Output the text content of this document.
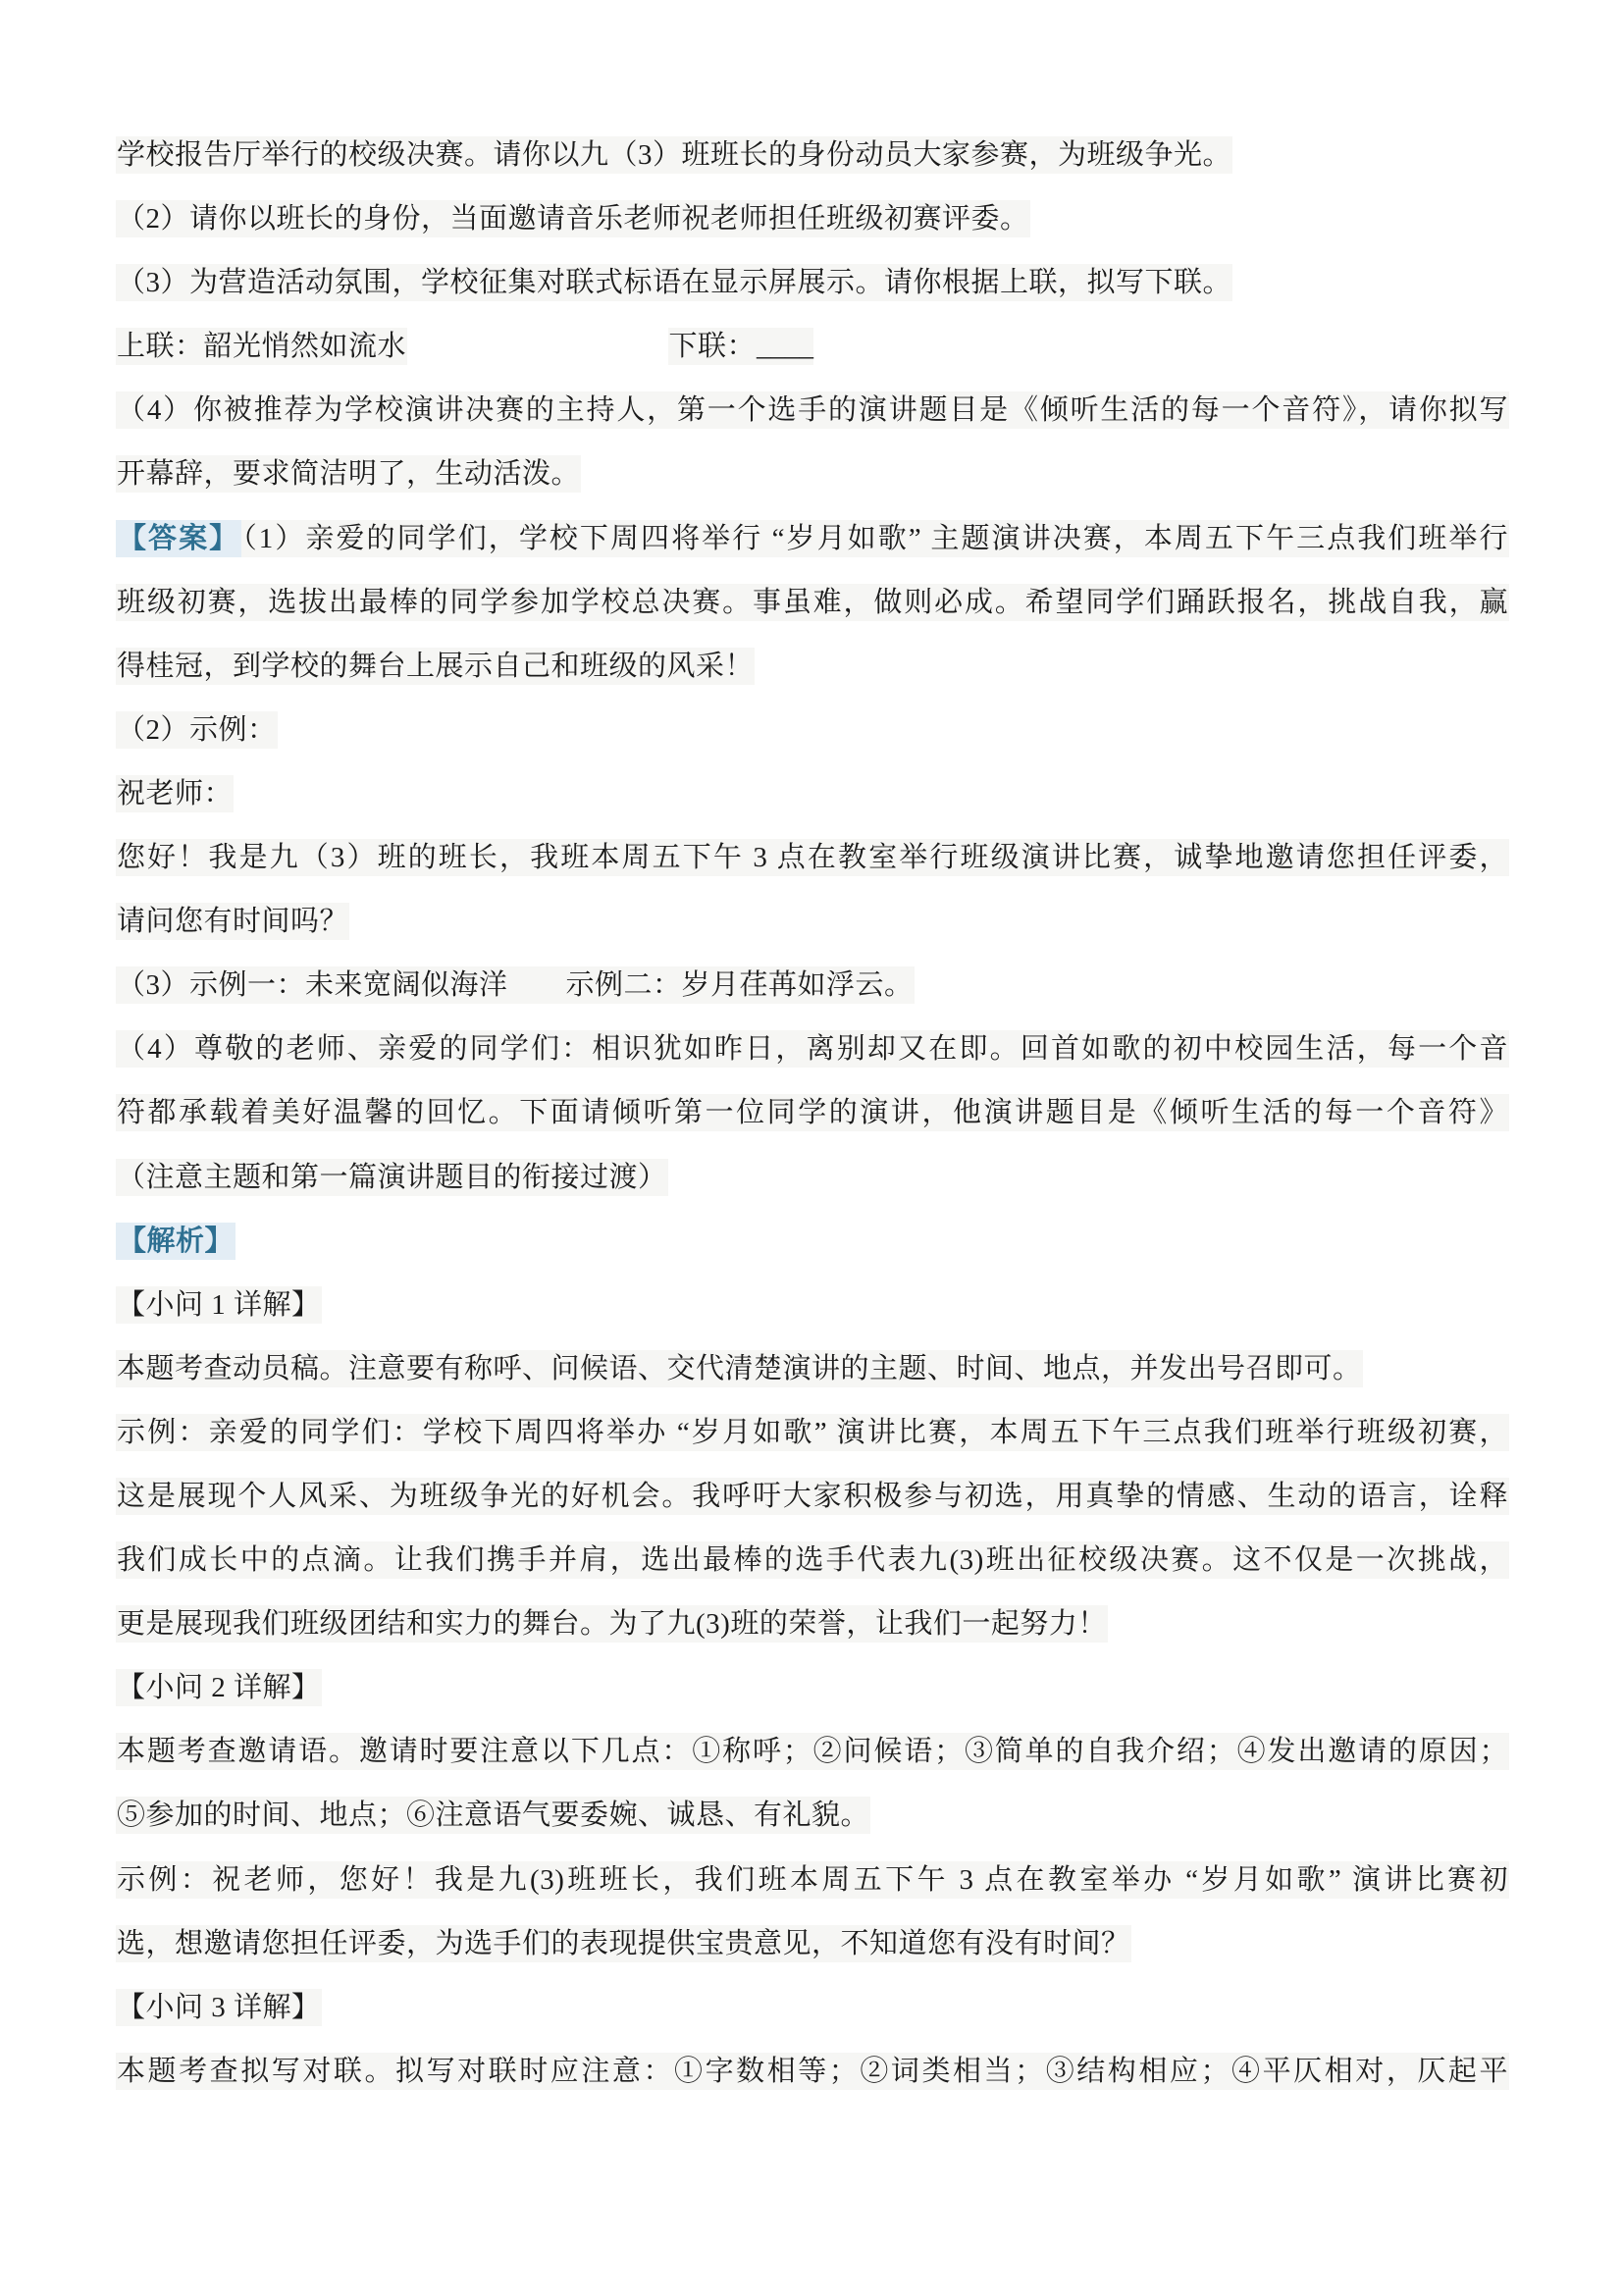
学校报告厅举行的校级决赛。请你以九（3）班班长的身份动员大家参赛，为班级争光。
（2）请你以班长的身份，当面邀请音乐老师祝老师担任班级初赛评委。
（3）为营造活动氛围，学校征集对联式标语在显示屏展示。请你根据上联，拟写下联。
上联：韶光悄然如流水　　　　　　　　　	下联：____
（4）你被推荐为学校演讲决赛的主持人，第一个选手的演讲题目是《倾听生活的每一个音符》，请你拟写
开幕辞，要求简洁明了，生动活泼。
【答案】 （1）亲爱的同学们，学校下周四将举行 “岁月如歌” 主题演讲决赛，本周五下午三点我们班举行
班级初赛，选拔出最棒的同学参加学校总决赛。事虽难，做则必成。希望同学们踊跃报名，挑战自我，赢
得桂冠，到学校的舞台上展示自己和班级的风采！
（2）示例：
祝老师：
您好！我是九（3）班的班长，我班本周五下午 3 点在教室举行班级演讲比赛，诚挚地邀请您担任评委，
请问您有时间吗？
（3）示例一：未来宽阔似海洋　　示例二：岁月荏苒如浮云。
（4）尊敬的老师、亲爱的同学们：相识犹如昨日，离别却又在即。回首如歌的初中校园生活，每一个音
符都承载着美好温馨的回忆。下面请倾听第一位同学的演讲，他演讲题目是《倾听生活的每一个音符》
（注意主题和第一篇演讲题目的衔接过渡）
【解析】
【小问 1 详解】
本题考查动员稿。注意要有称呼、问候语、交代清楚演讲的主题、时间、地点，并发出号召即可。
示例：亲爱的同学们：学校下周四将举办 “岁月如歌” 演讲比赛，本周五下午三点我们班举行班级初赛，
这是展现个人风采、为班级争光的好机会。我呼吁大家积极参与初选，用真挚的情感、生动的语言，诠释
我们成长中的点滴。让我们携手并肩，选出最棒的选手代表九(3)班出征校级决赛。这不仅是一次挑战，
更是展现我们班级团结和实力的舞台。为了九(3)班的荣誉，让我们一起努力！
【小问 2 详解】
本题考查邀请语。邀请时要注意以下几点：①称呼；②问候语；③简单的自我介绍；④发出邀请的原因；
⑤参加的时间、地点；⑥注意语气要委婉、诚恳、有礼貌。
示例：祝老师，您好！我是九(3)班班长，我们班本周五下午 3 点在教室举办 “岁月如歌” 演讲比赛初
选，想邀请您担任评委，为选手们的表现提供宝贵意见，不知道您有没有时间？
【小问 3 详解】
本题考查拟写对联。拟写对联时应注意：①字数相等；②词类相当；③结构相应；④平仄相对，仄起平
